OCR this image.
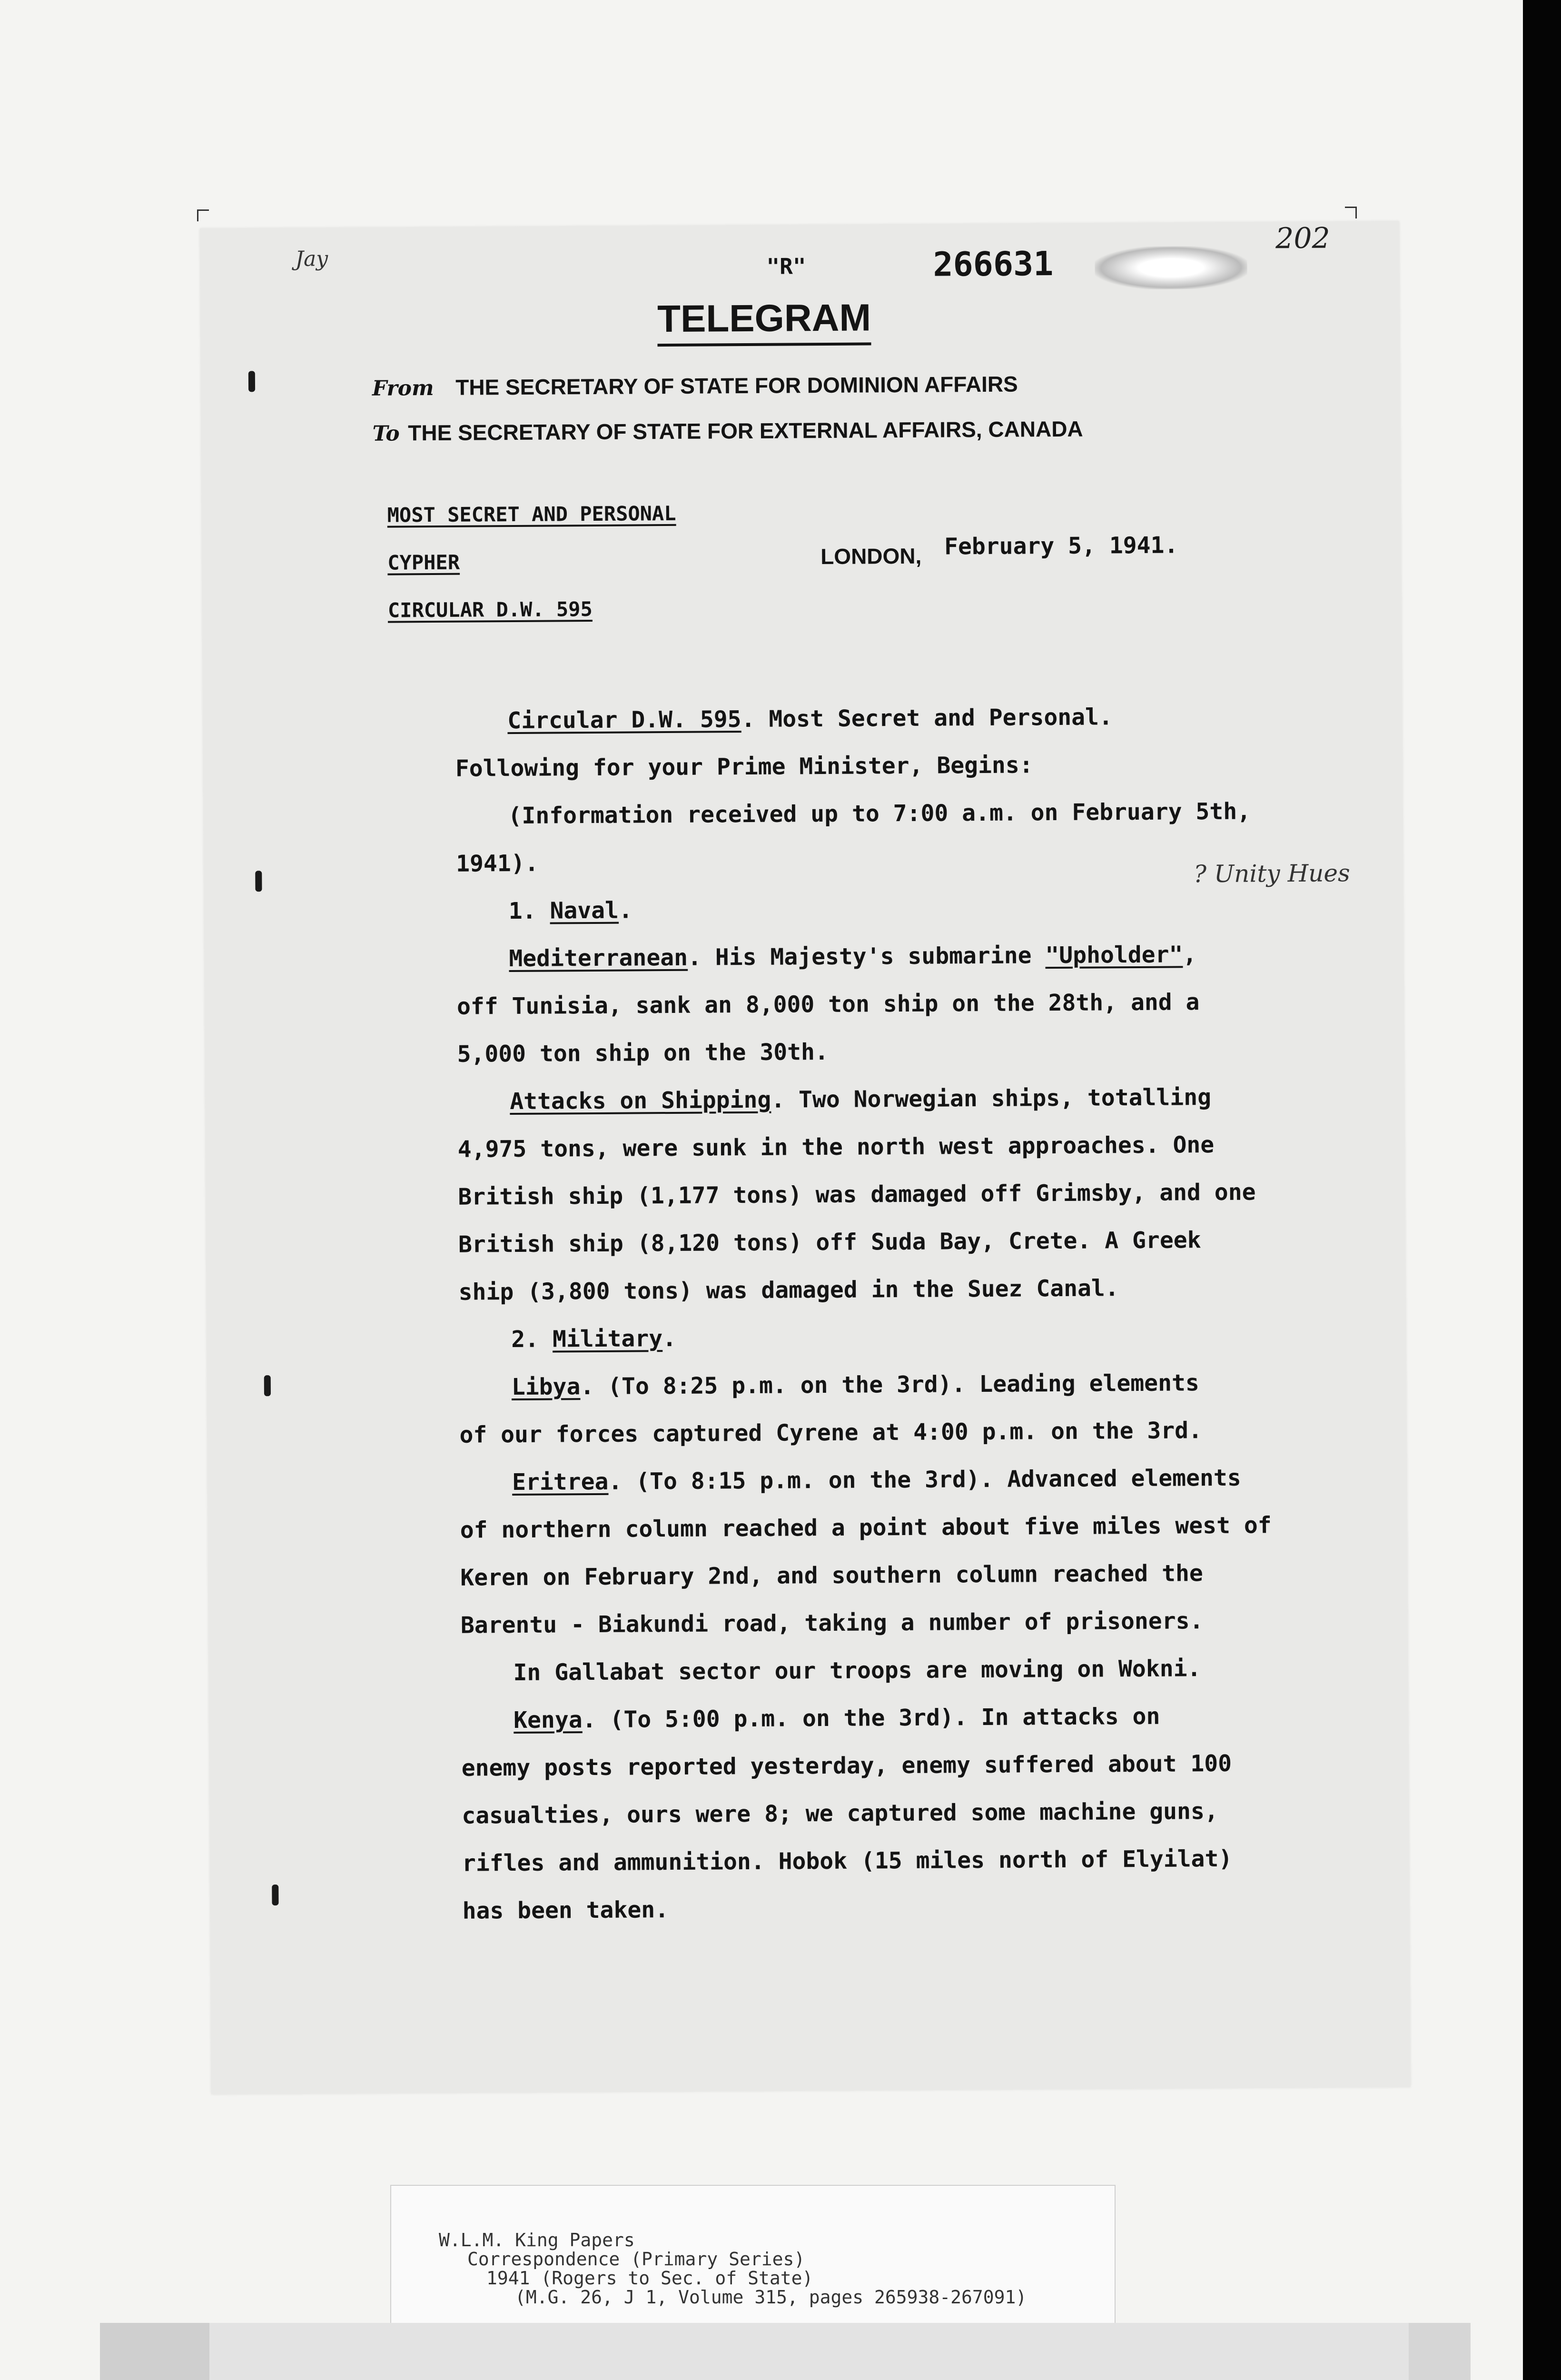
Jay	"R"	266631
202
TELEGRAM
From THE SECRETARY OF STATE FOR DOMINION AFFAIRS
To THE SECRETARY OF STATE FOR EXTERNAL AFFAIRS, CANADA
MOST SECRET AND PERSONAL
CYPHER
CIRCULAR D.W. 595
LONDON, February 5, 1941.
Circular D.W. 595. Most Secret and Personal.
Following for your Prime Minister, Begins:
(Information received up to 7:00 a.m. on February 5th,
1941).
1. Naval.
? Unity Hues
Mediterranean. His Majesty's submarine "Upholder",
off Tunisia, sank an 8,000 ton ship on the 28th, and a
5,000 ton ship on the 30th.
Attacks on Shipping. Two Norwegian ships, totalling
4,975 tons, were sunk in the north west approaches. One
British ship (1,177 tons) was damaged off Grimsby, and one
British ship (8,120 tons) off Suda Bay, Crete. A Greek
ship (3,800 tons) was damaged in the Suez Canal.
2. Military.
Libya. (To 8:25 p.m. on the 3rd). Leading elements
of our forces captured Cyrene at 4:00 p.m. on the 3rd.
Eritrea. (To 8:15 p.m. on the 3rd). Advanced elements
of northern column reached a point about five miles west of
Keren on February 2nd, and southern column reached the
Barentu - Biakundi road, taking a number of prisoners.
In Gallabat sector our troops are moving on Wokni.
Kenya. (To 5:00 p.m. on the 3rd). In attacks on
enemy posts reported yesterday, enemy suffered about 100
casualties, ours were 8; we captured some machine guns,
rifles and ammunition. Hobok (15 miles north of Elyilat)
has been taken.
W.L.M. King Papers
Correspondence (Primary Series)
1941 (Rogers to Sec. of State)
(M.G. 26, J 1, Volume 315, pages 265938-267091)
